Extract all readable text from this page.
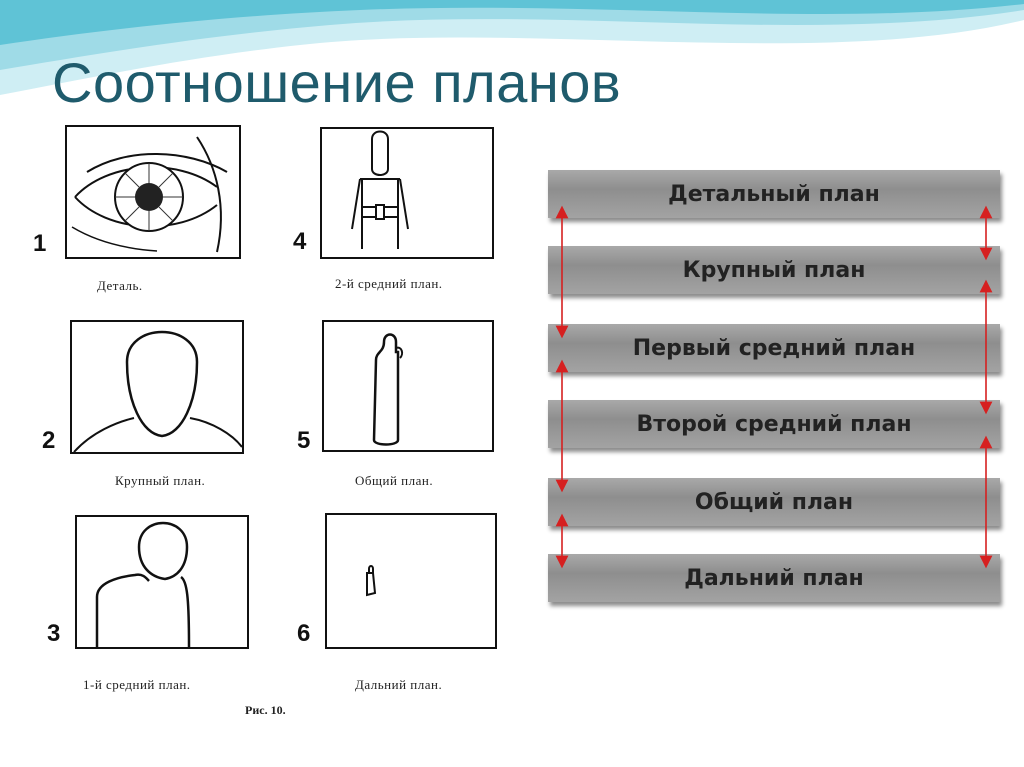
Соотношение планов
1
Деталь.
4
2-й средний план.
2
Крупный план.
5
Общий план.
3
1-й средний план.
Рис. 10.
6
Дальний план.
Детальный план
Крупный план
Первый средний план
Второй средний план
Общий план
Дальний план
